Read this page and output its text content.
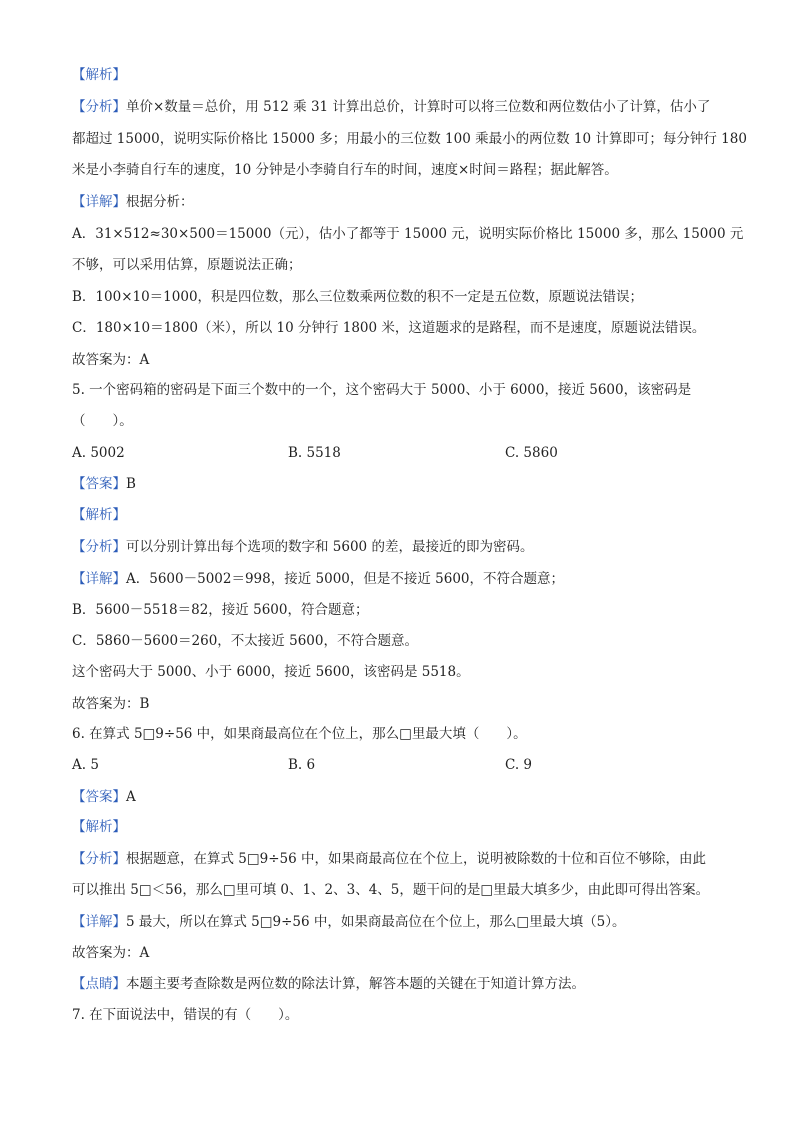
【解析】
【分析】单价×数量＝总价，用 512 乘 31 计算出总价，计算时可以将三位数和两位数估小了计算，估小了
都超过 15000，说明实际价格比 15000 多；用最小的三位数 100 乘最小的两位数 10 计算即可；每分钟行 180
米是小李骑自行车的速度，10 分钟是小李骑自行车的时间，速度×时间＝路程；据此解答。
【详解】根据分析：
A．31×512≈30×500＝15000（元），估小了都等于 15000 元，说明实际价格比 15000 多，那么 15000 元
不够，可以采用估算，原题说法正确；
B．100×10＝1000，积是四位数，那么三位数乘两位数的积不一定是五位数，原题说法错误；
C．180×10＝1800（米），所以 10 分钟行 1800 米，这道题求的是路程，而不是速度，原题说法错误。
故答案为：A
5. 一个密码箱的密码是下面三个数中的一个，这个密码大于 5000、小于 6000，接近 5600，该密码是
（　　）。
A. 5002	B. 5518	C. 5860
【答案】B
【解析】
【分析】可以分别计算出每个选项的数字和 5600 的差，最接近的即为密码。
【详解】A．5600－5002＝998，接近 5000，但是不接近 5600，不符合题意；
B．5600－5518＝82，接近 5600，符合题意；
C．5860－5600＝260，不太接近 5600，不符合题意。
这个密码大于 5000、小于 6000，接近 5600，该密码是 5518。
故答案为：B
6. 在算式 5□9÷56 中，如果商最高位在个位上，那么□里最大填（　　）。
A. 5	B. 6	C. 9
【答案】A
【解析】
【分析】根据题意，在算式 5□9÷56 中，如果商最高位在个位上，说明被除数的十位和百位不够除，由此
可以推出 5□＜56，那么□里可填 0、1、2、3、4、5，题干问的是□里最大填多少，由此即可得出答案。
【详解】5 最大，所以在算式 5□9÷56 中，如果商最高位在个位上，那么□里最大填（5）。
故答案为：A
【点睛】本题主要考查除数是两位数的除法计算，解答本题的关键在于知道计算方法。
7. 在下面说法中，错误的有（　　）。
